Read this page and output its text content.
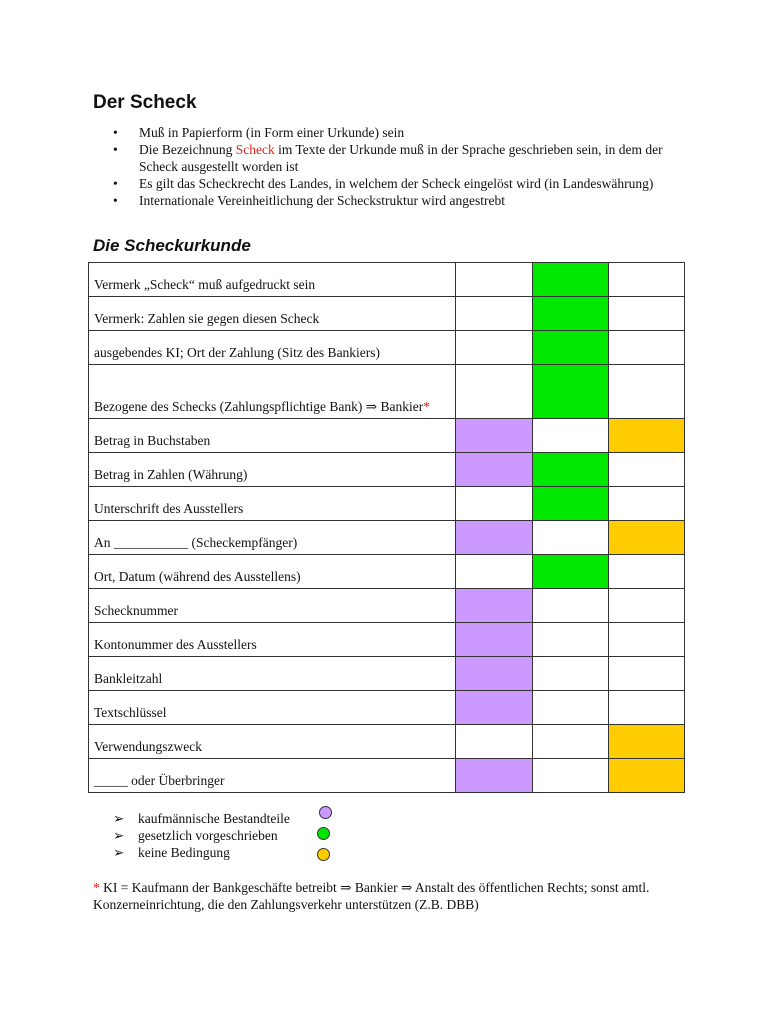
Der Scheck
• Muß in Papierform (in Form einer Urkunde) sein
• Die Bezeichnung Scheck im Texte der Urkunde muß in der Sprache geschrieben sein, in dem der Scheck ausgestellt worden ist
• Es gilt das Scheckrecht des Landes, in welchem der Scheck eingelöst wird (in Landeswährung)
• Internationale Vereinheitlichung der Scheckstruktur wird angestrebt
Die Scheckurkunde
Vermerk „Scheck“ muß aufgedruckt sein			
Vermerk: Zahlen sie gegen diesen Scheck			
ausgebendes KI; Ort der Zahlung (Sitz des Bankiers)			
Bezogene des Schecks (Zahlungspflichtige Bank) ⇒ Bankier*			
Betrag in Buchstaben			
Betrag in Zahlen (Währung)			
Unterschrift des Ausstellers			
An ___________ (Scheckempfänger)			
Ort, Datum (während des Ausstellens)			
Schecknummer			
Kontonummer des Ausstellers			
Bankleitzahl			
Textschlüssel			
Verwendungszweck			
_____ oder Überbringer			
➢ kaufmännische Bestandteile
➢ gesetzlich vorgeschrieben
➢ keine Bedingung

* KI = Kaufmann der Bankgeschäfte betreibt ⇒ Bankier ⇒ Anstalt des öffentlichen Rechts; sonst amtl. Konzerneinrichtung, die den Zahlungsverkehr unterstützen (Z.B. DBB)
